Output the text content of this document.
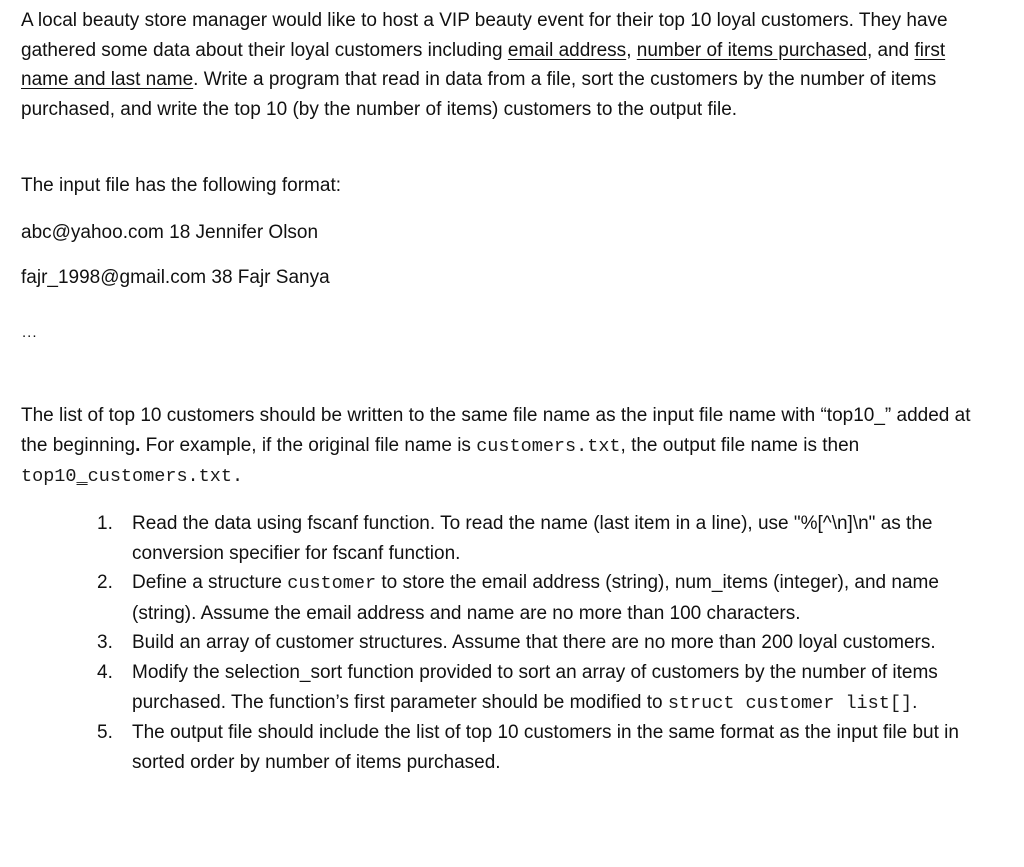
A local beauty store manager would like to host a VIP beauty event for their top 10 loyal customers. They have gathered some data about their loyal customers including email address, number of items purchased, and first name and last name. Write a program that read in data from a file, sort the customers by the number of items purchased, and write the top 10 (by the number of items) customers to the output file.

The input file has the following format:

abc@yahoo.com 18 Jennifer Olson

fajr_1998@gmail.com 38 Fajr Sanya

...

The list of top 10 customers should be written to the same file name as the input file name with “top10_” added at the beginning. For example, if the original file name is customers.txt, the output file name is then top10_customers.txt.

1. Read the data using fscanf function. To read the name (last item in a line), use "%[^\n]\n" as the conversion specifier for fscanf function.
2. Define a structure customer to store the email address (string), num_items (integer), and name (string). Assume the email address and name are no more than 100 characters.
3. Build an array of customer structures. Assume that there are no more than 200 loyal customers.
4. Modify the selection_sort function provided to sort an array of customers by the number of items purchased. The function’s first parameter should be modified to struct customer list[].
5. The output file should include the list of top 10 customers in the same format as the input file but in sorted order by number of items purchased.
